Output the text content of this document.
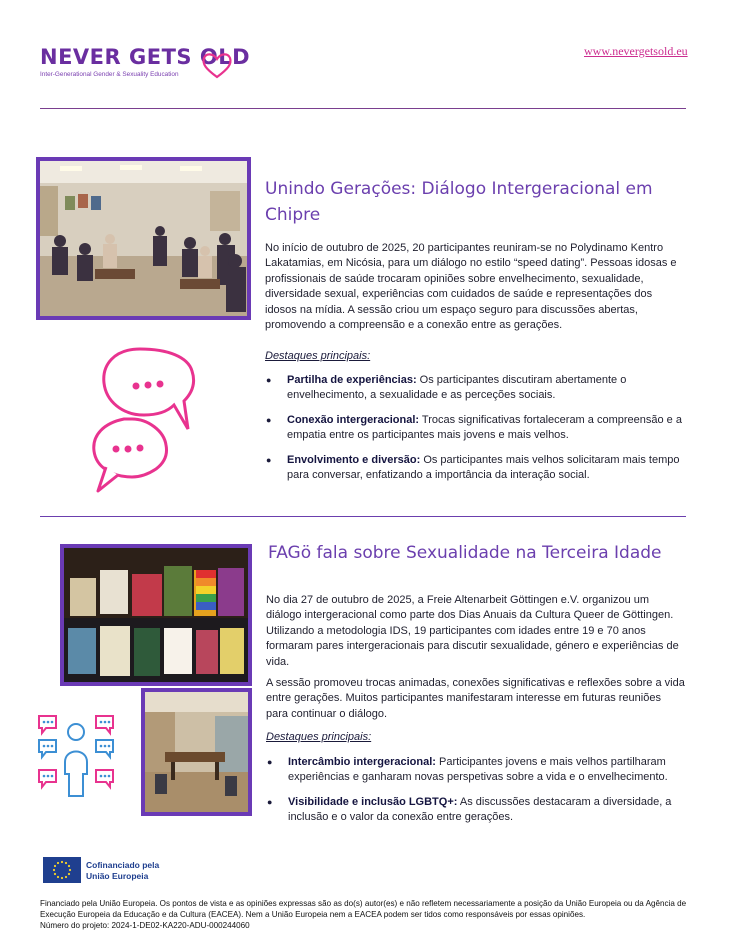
NEVER GETS OLD
Inter-Generational Gender & Sexuality Education
www.nevergetsold.eu
Unindo Gerações: Diálogo Intergeracional em Chipre
No início de outubro de 2025, 20 participantes reuniram-se no Polydinamo Kentro Lakatamias, em Nicósia, para um diálogo no estilo “speed dating”. Pessoas idosas e profissionais de saúde trocaram opiniões sobre envelhecimento, sexualidade, diversidade sexual, experiências com cuidados de saúde e representações dos idosos na mídia. A sessão criou um espaço seguro para discussões abertas, promovendo a compreensão e a conexão entre as gerações.
Destaques principais:
● Partilha de experiências: Os participantes discutiram abertamente o envelhecimento, a sexualidade e as perceções sociais.
● Conexão intergeracional: Trocas significativas fortaleceram a compreensão e a empatia entre os participantes mais jovens e mais velhos.
● Envolvimento e diversão: Os participantes mais velhos solicitaram mais tempo para conversar, enfatizando a importância da interação social.
FAGö fala sobre Sexualidade na Terceira Idade
No dia 27 de outubro de 2025, a Freie Altenarbeit Göttingen e.V. organizou um diálogo intergeracional como parte dos Dias Anuais da Cultura Queer de Göttingen. Utilizando a metodologia IDS, 19 participantes com idades entre 19 e 70 anos formaram pares intergeracionais para discutir sexualidade, género e experiências de vida.
A sessão promoveu trocas animadas, conexões significativas e reflexões sobre a vida entre gerações. Muitos participantes manifestaram interesse em futuras reuniões para continuar o diálogo.
Destaques principais:
● Intercâmbio intergeracional: Participantes jovens e mais velhos partilharam experiências e ganharam novas perspetivas sobre a vida e o envelhecimento.
● Visibilidade e inclusão LGBTQ+: As discussões destacaram a diversidade, a inclusão e o valor da conexão entre gerações.
Cofinanciado pela
União Europeia
Financiado pela União Europeia. Os pontos de vista e as opiniões expressas são as do(s) autor(es) e não refletem necessariamente a posição da União Europeia ou da Agência de Execução Europeia da Educação e da Cultura (EACEA). Nem a União Europeia nem a EACEA podem ser tidos como responsáveis por essas opiniões.
Número do projeto: 2024-1-DE02-KA220-ADU-000244060
